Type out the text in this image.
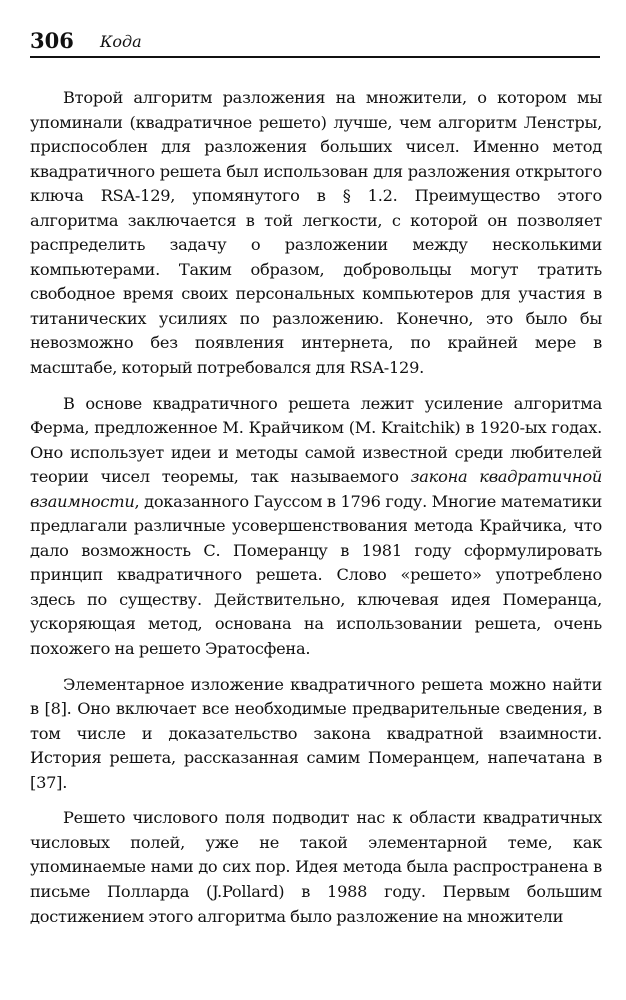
306 Кода

Второй алгоритм разложения на множители, о котором мы упоминали (квадратичное решето) лучше, чем алгоритм Ленстры, приспособлен для разложения больших чисел. Именно метод квадратичного решета был использован для разложения открытого ключа RSA-129, упомянутого в § 1.2. Преимущество этого алгоритма заключается в той легкости, с которой он позволяет распределить задачу о разложении между несколькими компьютерами. Таким образом, добровольцы могут тратить свободное время своих персональных компьютеров для участия в титанических усилиях по разложению. Конечно, это было бы невозможно без появления интернета, по крайней мере в масштабе, который потребовался для RSA-129.

В основе квадратичного решета лежит усиление алгоритма Ферма, предложенное М. Крайчиком (M. Kraitchik) в 1920-ых годах. Оно использует идеи и методы самой известной среди любителей теории чисел теоремы, так называемого закона квадратичной взаимности, доказанного Гауссом в 1796 году. Многие математики предлагали различные усовершенствования метода Крайчика, что дало возможность С. Померанцу в 1981 году сформулировать принцип квадратичного решета. Слово «решето» употреблено здесь по существу. Действительно, ключевая идея Померанца, ускоряющая метод, основана на использовании решета, очень похожего на решето Эратосфена.

Элементарное изложение квадратичного решета можно найти в [8]. Оно включает все необходимые предварительные сведения, в том числе и доказательство закона квадратной взаимности. История решета, рассказанная самим Померанцем, напечатана в [37].

Решето числового поля подводит нас к области квадратичных числовых полей, уже не такой элементарной теме, как упоминаемые нами до сих пор. Идея метода была распространена в письме Полларда (J.Pollard) в 1988 году. Первым большим достижением этого алгоритма было разложение на множители
